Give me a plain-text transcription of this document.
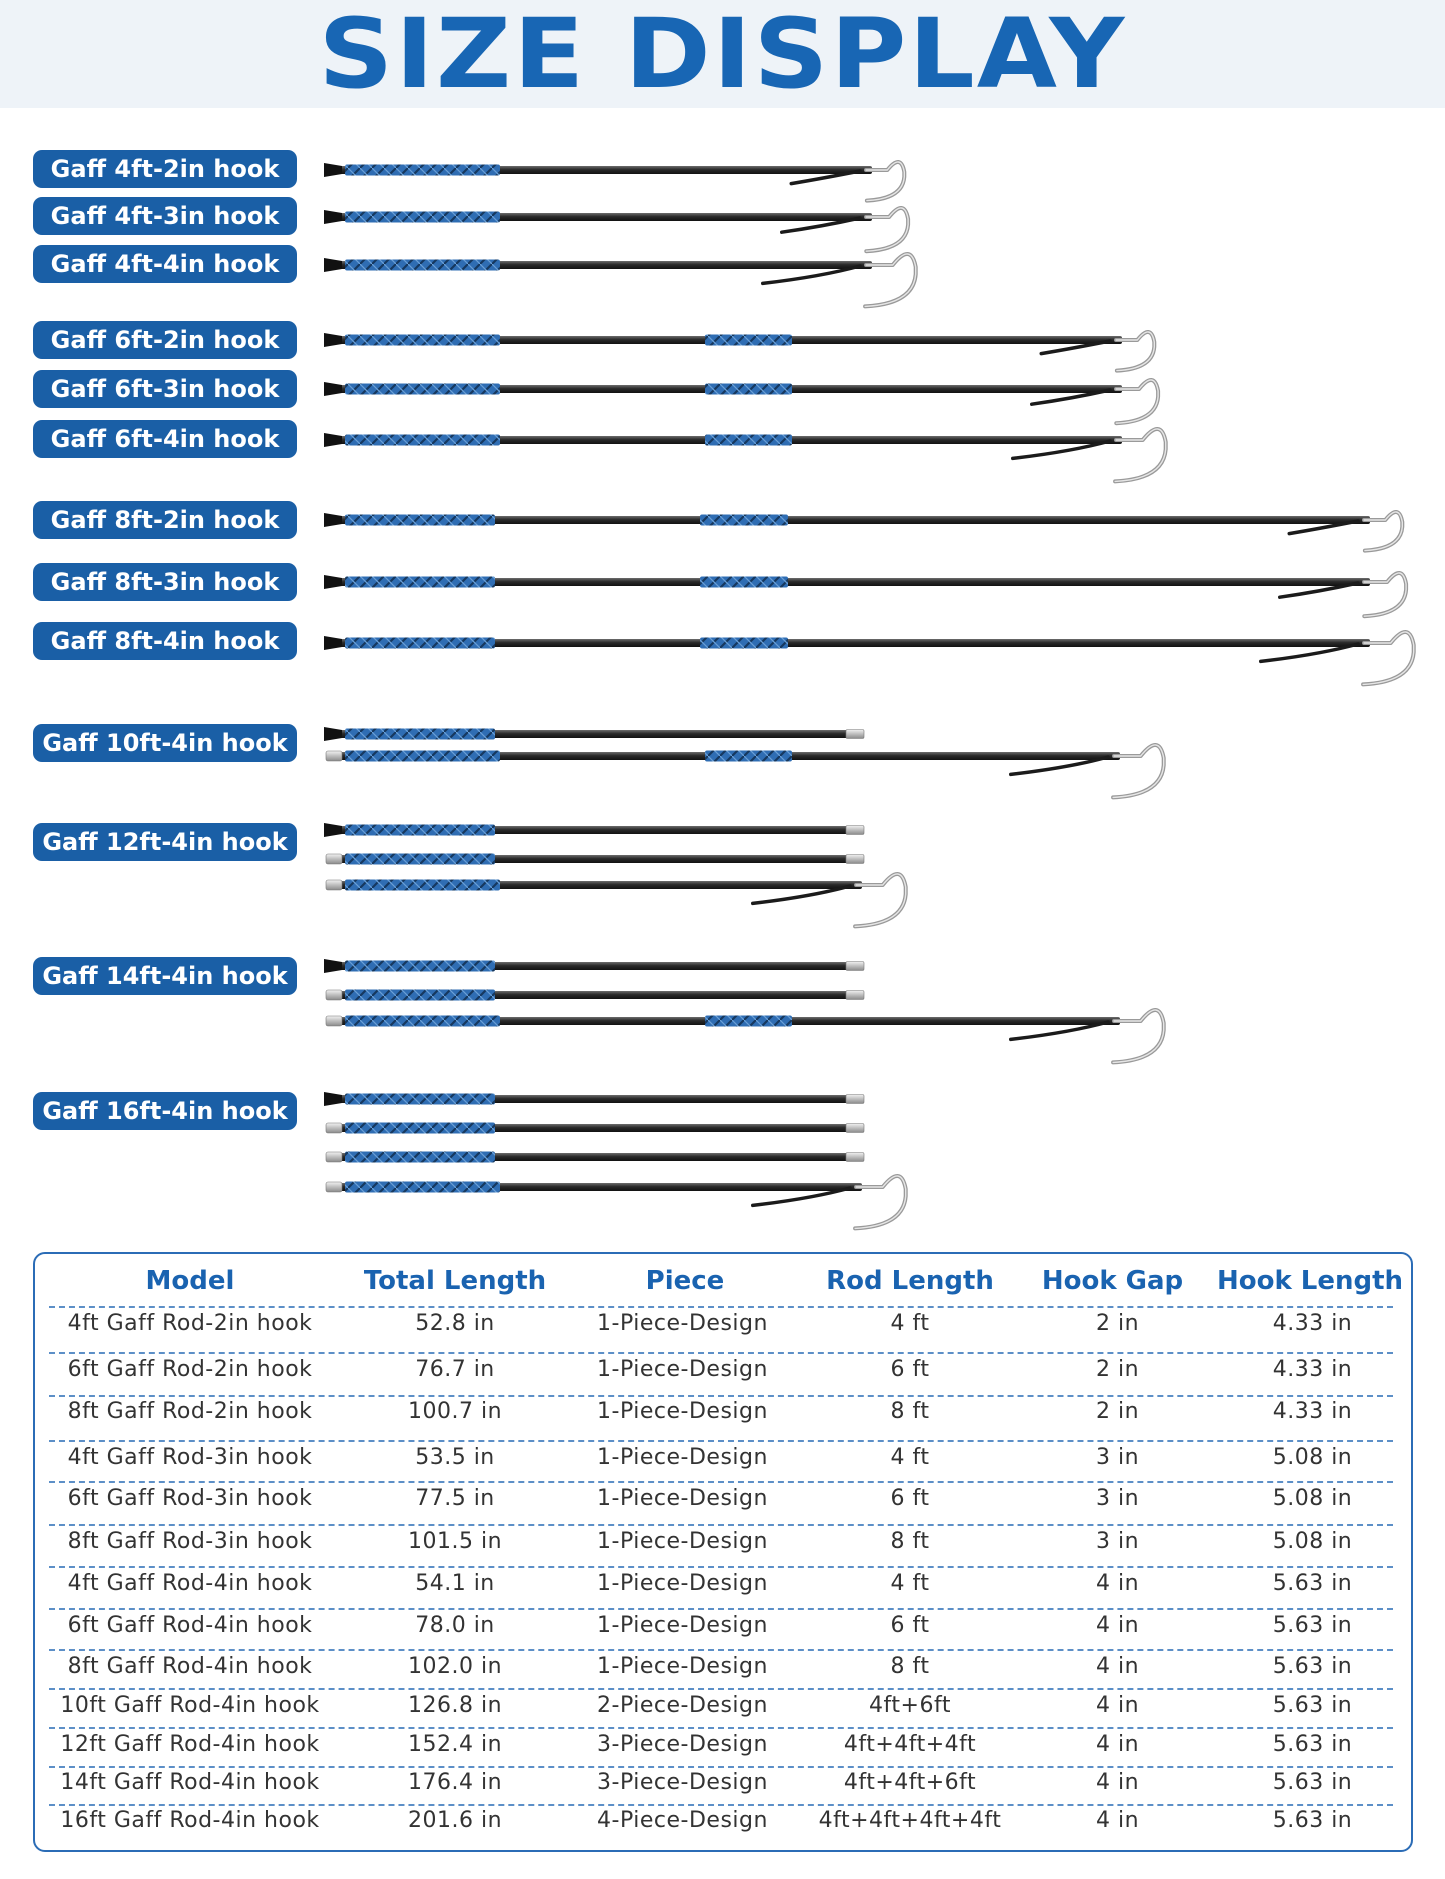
SIZE DISPLAY
Gaff 4ft-2in hook
Gaff 4ft-3in hook
Gaff 4ft-4in hook
Gaff 6ft-2in hook
Gaff 6ft-3in hook
Gaff 6ft-4in hook
Gaff 8ft-2in hook
Gaff 8ft-3in hook
Gaff 8ft-4in hook
Gaff 10ft-4in hook
Gaff 12ft-4in hook
Gaff 14ft-4in hook
Gaff 16ft-4in hook
Model	Total Length	Piece	Rod Length	Hook Gap	Hook Length
4ft Gaff Rod-2in hook	52.8 in	1-Piece-Design	4 ft	2 in	4.33 in
6ft Gaff Rod-2in hook	76.7 in	1-Piece-Design	6 ft	2 in	4.33 in
8ft Gaff Rod-2in hook	100.7 in	1-Piece-Design	8 ft	2 in	4.33 in
4ft Gaff Rod-3in hook	53.5 in	1-Piece-Design	4 ft	3 in	5.08 in
6ft Gaff Rod-3in hook	77.5 in	1-Piece-Design	6 ft	3 in	5.08 in
8ft Gaff Rod-3in hook	101.5 in	1-Piece-Design	8 ft	3 in	5.08 in
4ft Gaff Rod-4in hook	54.1 in	1-Piece-Design	4 ft	4 in	5.63 in
6ft Gaff Rod-4in hook	78.0 in	1-Piece-Design	6 ft	4 in	5.63 in
8ft Gaff Rod-4in hook	102.0 in	1-Piece-Design	8 ft	4 in	5.63 in
10ft Gaff Rod-4in hook	126.8 in	2-Piece-Design	4ft+6ft	4 in	5.63 in
12ft Gaff Rod-4in hook	152.4 in	3-Piece-Design	4ft+4ft+4ft	4 in	5.63 in
14ft Gaff Rod-4in hook	176.4 in	3-Piece-Design	4ft+4ft+6ft	4 in	5.63 in
16ft Gaff Rod-4in hook	201.6 in	4-Piece-Design	4ft+4ft+4ft+4ft	4 in	5.63 in
